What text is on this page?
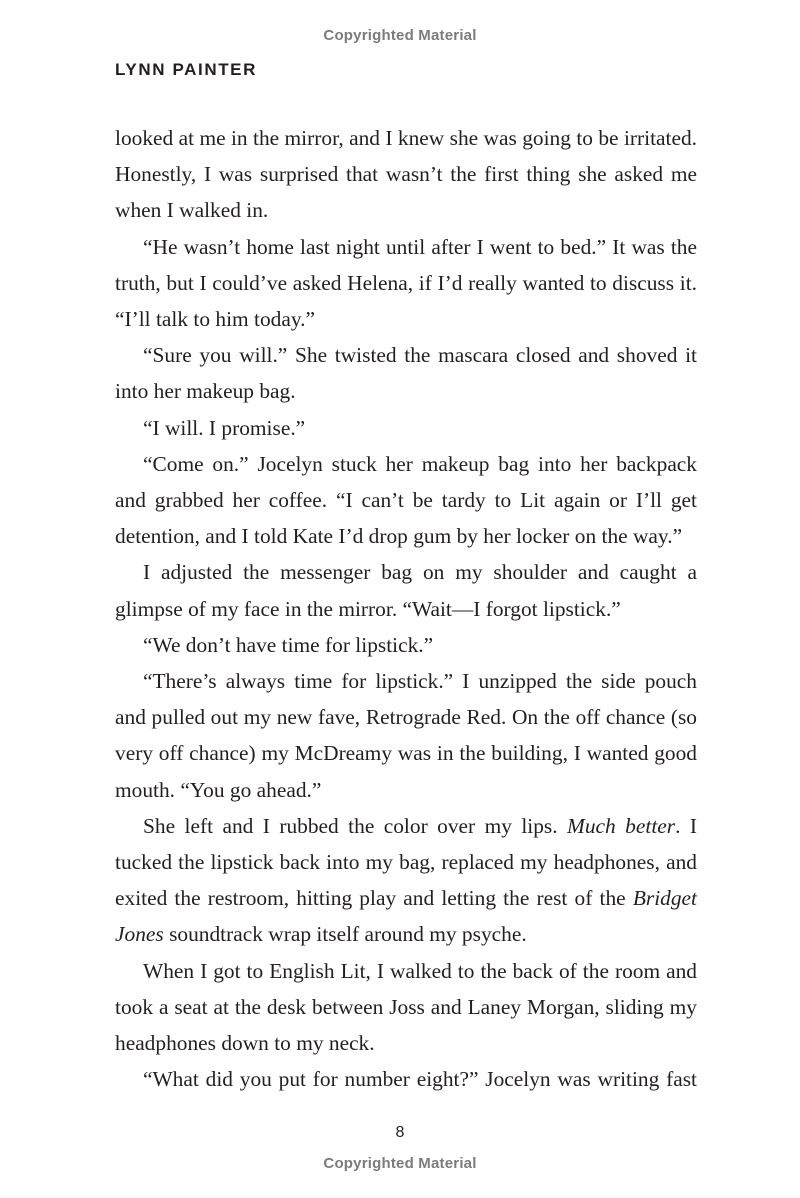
Copyrighted Material
LYNN PAINTER

looked at me in the mirror, and I knew she was going to be irritated. Honestly, I was surprised that wasn’t the first thing she asked me when I walked in.

“He wasn’t home last night until after I went to bed.” It was the truth, but I could’ve asked Helena, if I’d really wanted to discuss it. “I’ll talk to him today.”

“Sure you will.” She twisted the mascara closed and shoved it into her makeup bag.

“I will. I promise.”

“Come on.” Jocelyn stuck her makeup bag into her backpack and grabbed her coffee. “I can’t be tardy to Lit again or I’ll get detention, and I told Kate I’d drop gum by her locker on the way.”

I adjusted the messenger bag on my shoulder and caught a glimpse of my face in the mirror. “Wait—I forgot lipstick.”

“We don’t have time for lipstick.”

“There’s always time for lipstick.” I unzipped the side pouch and pulled out my new fave, Retrograde Red. On the off chance (so very off chance) my McDreamy was in the building, I wanted good mouth. “You go ahead.”

She left and I rubbed the color over my lips. Much better. I tucked the lipstick back into my bag, replaced my headphones, and exited the restroom, hitting play and letting the rest of the Bridget Jones soundtrack wrap itself around my psyche.

When I got to English Lit, I walked to the back of the room and took a seat at the desk between Joss and Laney Morgan, sliding my headphones down to my neck.

“What did you put for number eight?” Jocelyn was writing fast

8
Copyrighted Material
